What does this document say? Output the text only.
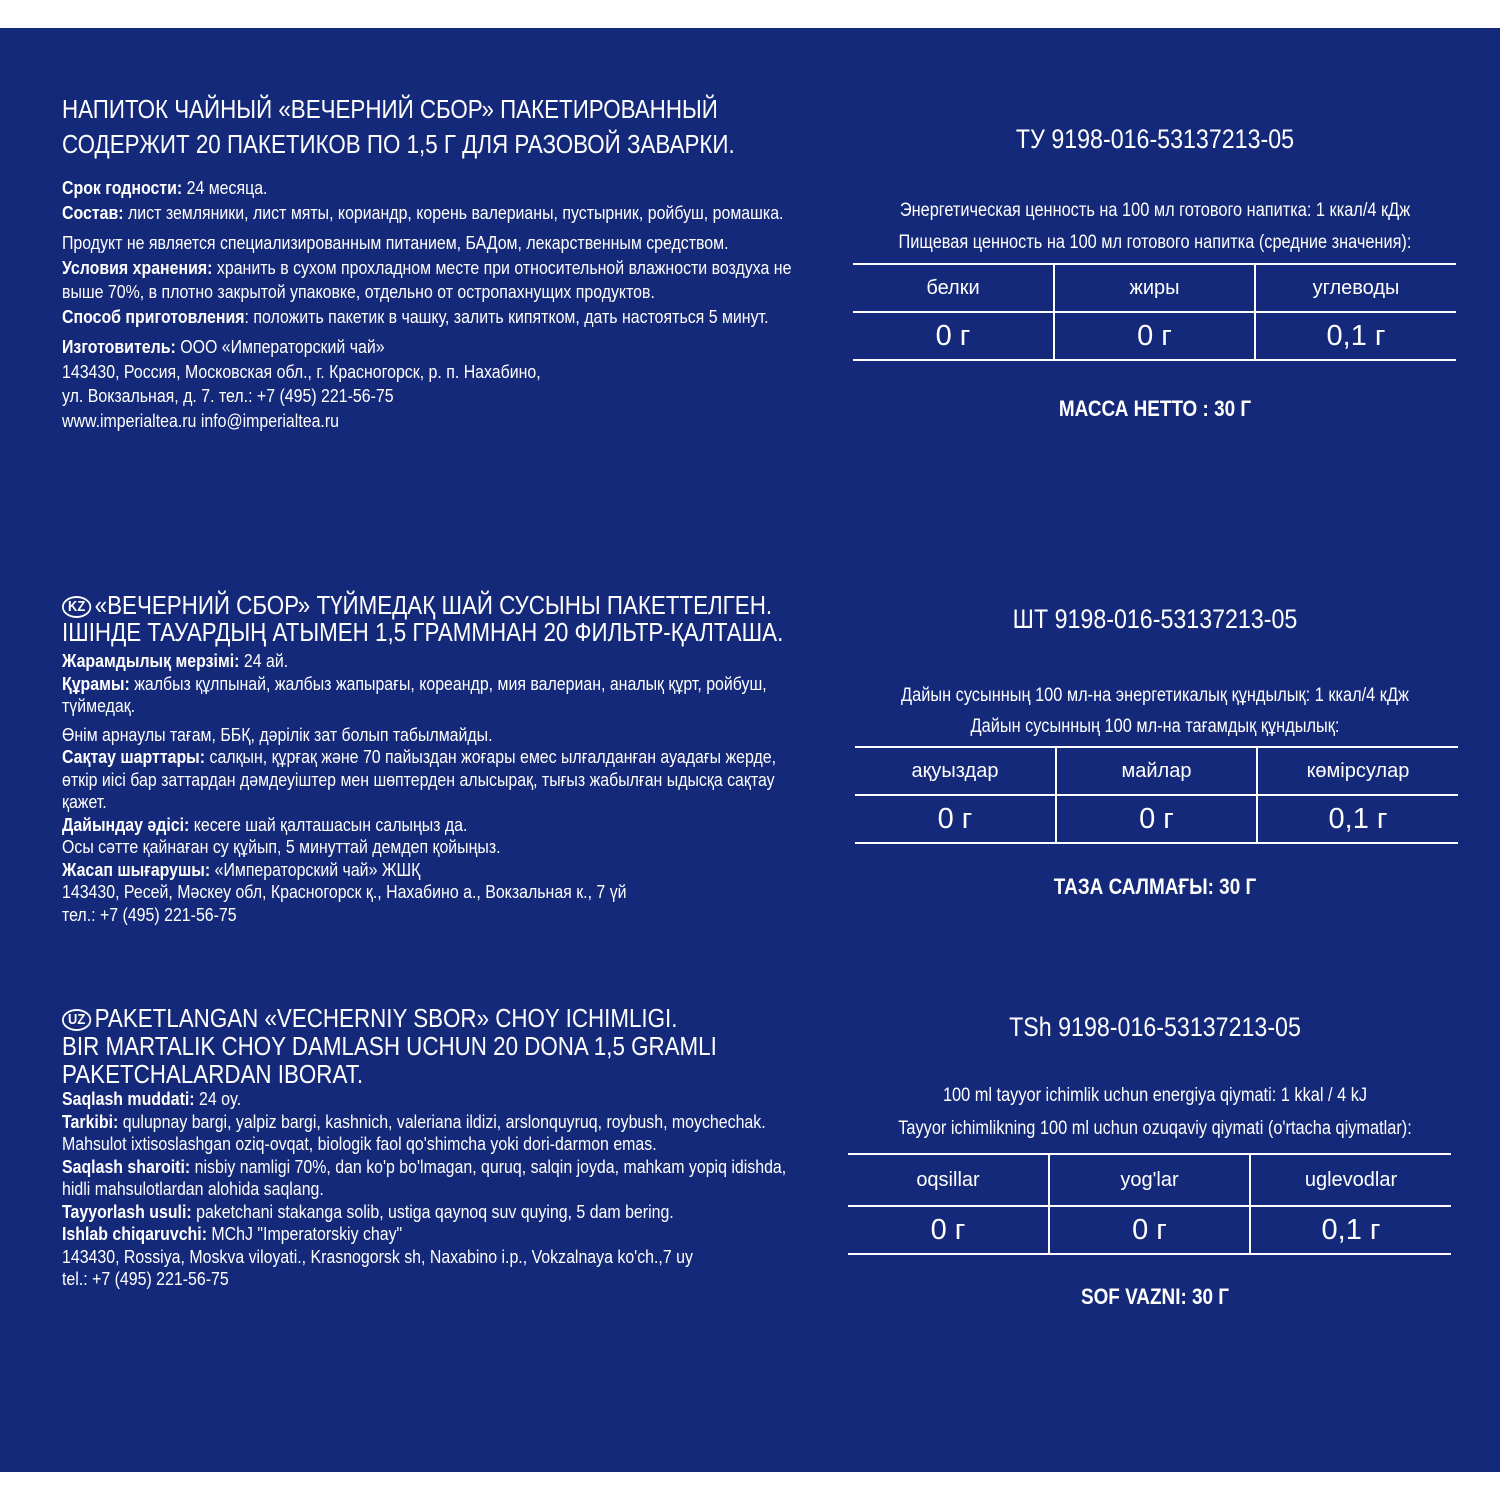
НАПИТОК ЧАЙНЫЙ «ВЕЧЕРНИЙ СБОР» ПАКЕТИРОВАННЫЙ

СОДЕРЖИТ 20 ПАКЕТИКОВ ПО 1,5 Г ДЛЯ РАЗОВОЙ ЗАВАРКИ.

Срок годности: 24 месяца.

Состав: лист земляники, лист мяты, кориандр, корень валерианы, пустырник, ройбуш, ромашка.

Продукт не является специализированным питанием, БАДом, лекарственным средством.

Условия хранения: хранить в сухом прохладном месте при относительной влажности воздуха не выше 70%, в плотно закрытой упаковке, отдельно от остропахнущих продуктов.

Способ приготовления: положить пакетик в чашку, залить кипятком, дать настояться 5 минут.

Изготовитель: ООО «Императорский чай»

143430, Россия, Московская обл., г. Красногорск, р. п. Нахабино,

ул. Вокзальная, д. 7. тел.: +7 (495) 221-56-75

www.imperialtea.ru info@imperialtea.ru

KZ «ВЕЧЕРНИЙ СБОР» ТҮЙМЕДАҚ ШАЙ СУСЫНЫ ПАКЕТТЕЛГЕН.

ІШІНДЕ ТАУАРДЫҢ АТЫМЕН 1,5 ГРАММНАН 20 ФИЛЬТР-ҚАЛТАША.

Жарамдылық мерзімі: 24 ай.

Құрамы: жалбыз құлпынай, жалбыз жапырағы, кореандр, мия валериан, аналық құрт, ройбуш, түймедақ.

Өнім арнаулы тағам, ББҚ, дәрілік зат болып табылмайды.

Сақтау шарттары: салқын, құрғақ және 70 пайыздан жоғары емес ылғалданған ауадағы жерде, өткір иісі бар заттардан дәмдеуіштер мен шөптерден алысырақ, тығыз жабылған ыдысқа сақтау қажет.

Дайындау әдісі: кесеге шай қалташасын салыңыз да.

Осы сәтте қайнаған су құйып, 5 минуттай демдеп қойыңыз.

Жасап шығарушы: «Императорский чай» ЖШҚ

143430, Ресей, Мәскеу обл, Красногорск қ., Нахабино а., Вокзальная к., 7 үй

тел.: +7 (495) 221-56-75

UZ PAKETLANGAN «VECHERNIY SBOR» CHOY ICHIMLIGI.

BIR MARTALIK CHOY DAMLASH UCHUN 20 DONA 1,5 GRAMLI

PAKETCHALARDAN IBORAT.

Saqlash muddati: 24 oy.

Tarkibi: qulupnay bargi, yalpiz bargi, kashnich, valeriana ildizi, arslonquyruq, roybush, moychechak. Mahsulot ixtisoslashgan oziq-ovqat, biologik faol qo'shimcha yoki dori-darmon emas.

Saqlash sharoiti: nisbiy namligi 70%, dan ko'p bo'lmagan, quruq, salqin joyda, mahkam yopiq idishda, hidli mahsulotlardan alohida saqlang.

Tayyorlash usuli: paketchani stakanga solib, ustiga qaynoq suv quying, 5 dam bering.

Ishlab chiqaruvchi: MChJ "Imperatorskiy chay"

143430, Rossiya, Moskva viloyati., Krasnogorsk sh, Naxabino i.p., Vokzalnaya ko'ch.,7 uy

tel.: +7 (495) 221-56-75

ТУ 9198-016-53137213-05
Энергетическая ценность на 100 мл готового напитка: 1 ккал/4 кДж
Пищевая ценность на 100 мл готового напитка (средние значения):
белки	жиры	углеводы
0 г	0 г	0,1 г
МАССА НЕТТО : 30 Г
ШТ 9198-016-53137213-05
Дайын сусынның 100 мл-на энергетикалық құндылық: 1 ккал/4 кДж
Дайын сусынның 100 мл-на тағамдық құндылық:
ақуыздар	майлар	көмірсулар
0 г	0 г	0,1 г
ТАЗА САЛМАҒЫ: 30 Г
TSh 9198-016-53137213-05
100 ml tayyor ichimlik uchun energiya qiymati: 1 kkal / 4 kJ
Tayyor ichimlikning 100 ml uchun ozuqaviy qiymati (o'rtacha qiymatlar):
oqsillar	yog'lar	uglevodlar
0 г	0 г	0,1 г
SOF VAZNI: 30 Г
